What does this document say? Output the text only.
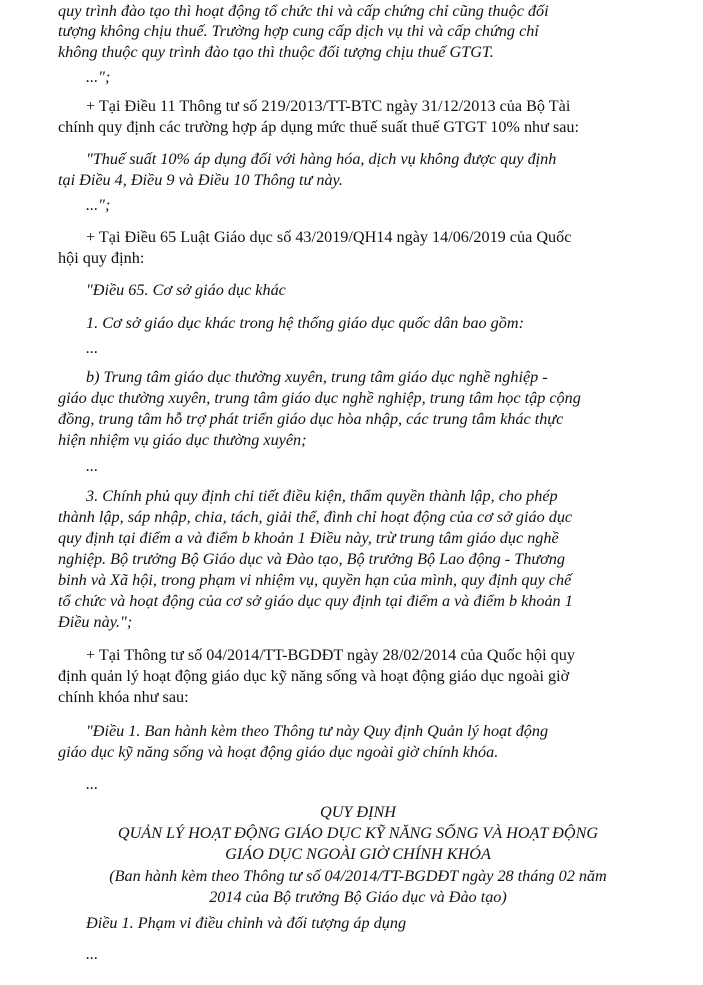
quy trình đào tạo thì hoạt động tổ chức thi và cấp chứng chỉ cũng thuộc đối
tượng không chịu thuế. Trường hợp cung cấp dịch vụ thi và cấp chứng chỉ
không thuộc quy trình đào tạo thì thuộc đối tượng chịu thuế GTGT.
...";
+ Tại Điều 11 Thông tư số 219/2013/TT-BTC ngày 31/12/2013 của Bộ Tài
chính quy định các trường hợp áp dụng mức thuế suất thuế GTGT 10% như sau:
"Thuế suất 10% áp dụng đối với hàng hóa, dịch vụ không được quy định
tại Điều 4, Điều 9 và Điều 10 Thông tư này.
...";
+ Tại Điều 65 Luật Giáo dục số 43/2019/QH14 ngày 14/06/2019 của Quốc
hội quy định:
"Điều 65. Cơ sở giáo dục khác
1. Cơ sở giáo dục khác trong hệ thống giáo dục quốc dân bao gồm:
...
b) Trung tâm giáo dục thường xuyên, trung tâm giáo dục nghề nghiệp -
giáo dục thường xuyên, trung tâm giáo dục nghề nghiệp, trung tâm học tập cộng
đồng, trung tâm hỗ trợ phát triển giáo dục hòa nhập, các trung tâm khác thực
hiện nhiệm vụ giáo dục thường xuyên;
...
3. Chính phủ quy định chi tiết điều kiện, thẩm quyền thành lập, cho phép
thành lập, sáp nhập, chia, tách, giải thể, đình chỉ hoạt động của cơ sở giáo dục
quy định tại điểm a và điểm b khoản 1 Điều này, trừ trung tâm giáo dục nghề
nghiệp. Bộ trưởng Bộ Giáo dục và Đào tạo, Bộ trưởng Bộ Lao động - Thương
binh và Xã hội, trong phạm vi nhiệm vụ, quyền hạn của mình, quy định quy chế
tổ chức và hoạt động của cơ sở giáo dục quy định tại điểm a và điểm b khoản 1
Điều này.";
+ Tại Thông tư số 04/2014/TT-BGDĐT ngày 28/02/2014 của Quốc hội quy
định quản lý hoạt động giáo dục kỹ năng sống và hoạt động giáo dục ngoài giờ
chính khóa như sau:
"Điều 1. Ban hành kèm theo Thông tư này Quy định Quản lý hoạt động
giáo dục kỹ năng sống và hoạt động giáo dục ngoài giờ chính khóa.
...
QUY ĐỊNH
QUẢN LÝ HOẠT ĐỘNG GIÁO DỤC KỸ NĂNG SỐNG VÀ HOẠT ĐỘNG
GIÁO DỤC NGOÀI GIỜ CHÍNH KHÓA
(Ban hành kèm theo Thông tư số 04/2014/TT-BGDĐT ngày 28 tháng 02 năm
2014 của Bộ trưởng Bộ Giáo dục và Đào tạo)
Điều 1. Phạm vi điều chỉnh và đối tượng áp dụng
...
